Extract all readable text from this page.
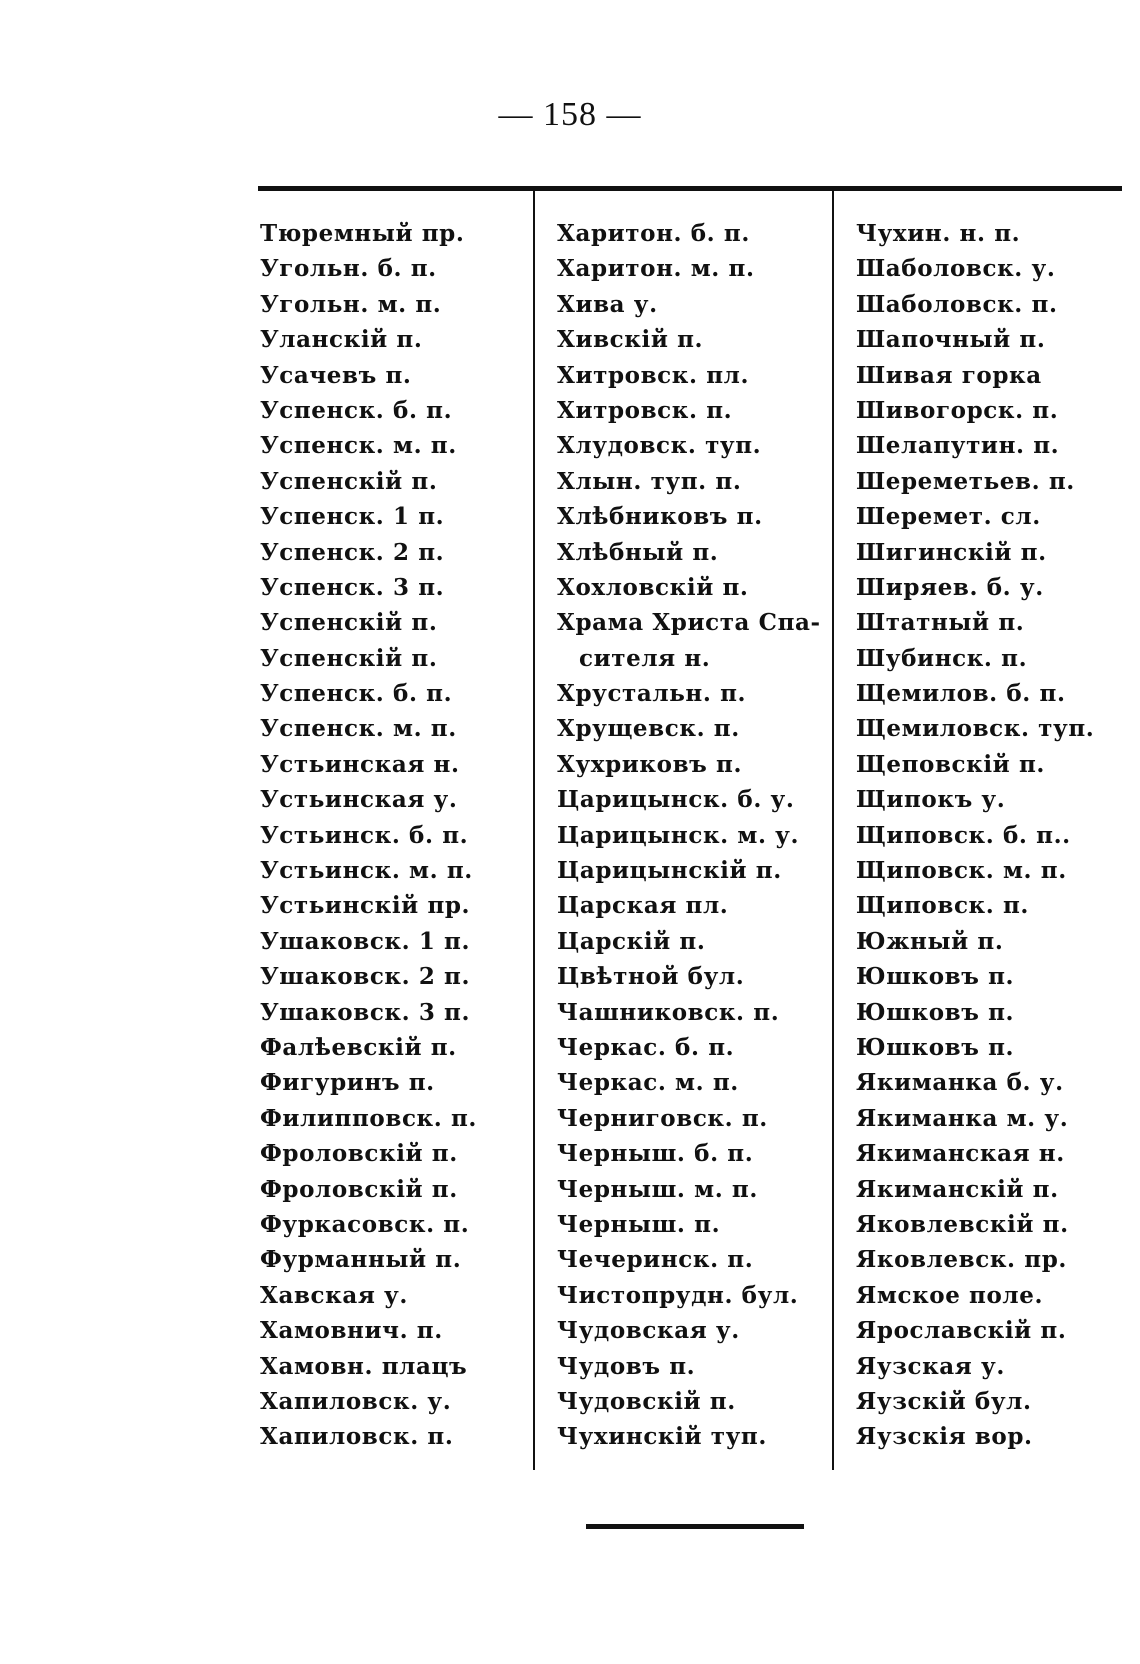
— 158 —
Тюремный пр.
Угольн. б. п.
Угольн. м. п.
Уланскій п.
Усачевъ п.
Успенск. б. п.
Успенск. м. п.
Успенскій п.
Успенск. 1 п.
Успенск. 2 п.
Успенск. 3 п.
Успенскій п.
Успенскій п.
Успенск. б. п.
Успенск. м. п.
Устьинская н.
Устьинская у.
Устьинск. б. п.
Устьинск. м. п.
Устьинскій пр.
Ушаковск. 1 п.
Ушаковск. 2 п.
Ушаковск. 3 п.
Фалѣевскій п.
Фигуринъ п.
Филипповск. п.
Фроловскій п.
Фроловскій п.
Фуркасовск. п.
Фурманный п.
Хавская у.
Хамовнич. п.
Хамовн. плацъ
Хапиловск. у.
Хапиловск. п.
Харитон. б. п.
Харитон. м. п.
Хива у.
Хивскій п.
Хитровск. пл.
Хитровск. п.
Хлудовск. туп.
Хлын. туп. п.
Хлѣбниковъ п.
Хлѣбный п.
Хохловскій п.
Храма Христа Спа-
сителя н.
Хрустальн. п.
Хрущевск. п.
Хухриковъ п.
Царицынск. б. у.
Царицынск. м. у.
Царицынскій п.
Царская пл.
Царскій п.
Цвѣтной бул.
Чашниковск. п.
Черкас. б. п.
Черкас. м. п.
Черниговск. п.
Черныш. б. п.
Черныш. м. п.
Черныш. п.
Чечеринск. п.
Чистопрудн. бул.
Чудовская у.
Чудовъ п.
Чудовскій п.
Чухинскій туп.
Чухин. н. п.
Шаболовск. у.
Шаболовск. п.
Шапочный п.
Шивая горка
Шивогорск. п.
Шелапутин. п.
Шереметьев. п.
Шеремет. сл.
Шигинскій п.
Ширяев. б. у.
Штатный п.
Шубинск. п.
Щемилов. б. п.
Щемиловск. туп.
Щеповскій п.
Щипокъ у.
Щиповск. б. п..
Щиповск. м. п.
Щиповск. п.
Южный п.
Юшковъ п.
Юшковъ п.
Юшковъ п.
Якиманка б. у.
Якиманка м. у.
Якиманская н.
Якиманскій п.
Яковлевскій п.
Яковлевск. пр.
Ямское поле.
Ярославскій п.
Яузская у.
Яузскій бул.
Яузскія вор.
